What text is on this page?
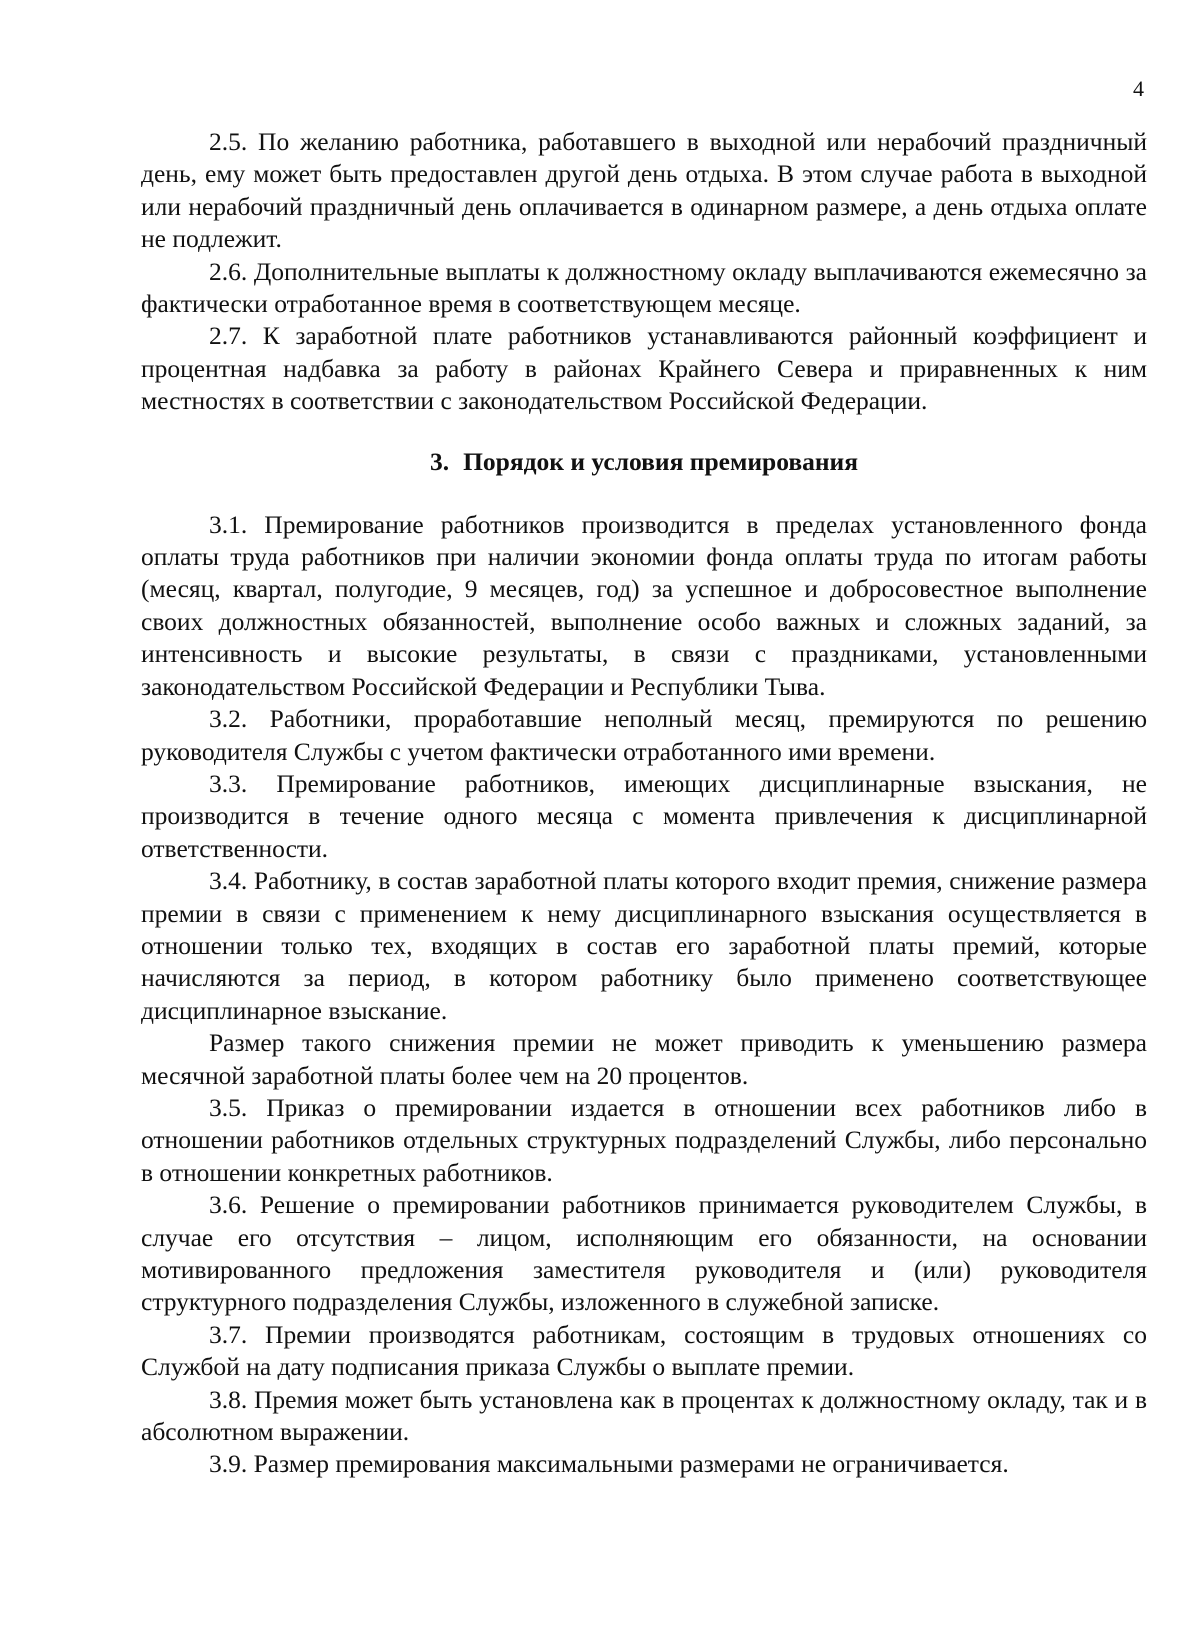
4

2.5. По желанию работника, работавшего в выходной или нерабочий праздничный день, ему может быть предоставлен другой день отдыха. В этом случае работа в выходной или нерабочий праздничный день оплачивается в одинарном размере, а день отдыха оплате не подлежит.

2.6. Дополнительные выплаты к должностному окладу выплачиваются ежемесячно за фактически отработанное время в соответствующем месяце.

2.7. К заработной плате работников устанавливаются районный коэффициент и процентная надбавка за работу в районах Крайнего Севера и приравненных к ним местностях в соответствии с законодательством Российской Федерации.

3. Порядок и условия премирования

3.1. Премирование работников производится в пределах установленного фонда оплаты труда работников при наличии экономии фонда оплаты труда по итогам работы (месяц, квартал, полугодие, 9 месяцев, год) за успешное и добросовестное выполнение своих должностных обязанностей, выполнение особо важных и сложных заданий, за интенсивность и высокие результаты, в связи с праздниками, установленными законодательством Российской Федерации и Республики Тыва.

3.2. Работники, проработавшие неполный месяц, премируются по решению руководителя Службы с учетом фактически отработанного ими времени.

3.3. Премирование работников, имеющих дисциплинарные взыскания, не производится в течение одного месяца с момента привлечения к дисциплинарной ответственности.

3.4. Работнику, в состав заработной платы которого входит премия, снижение размера премии в связи с применением к нему дисциплинарного взыскания осуществляется в отношении только тех, входящих в состав его заработной платы премий, которые начисляются за период, в котором работнику было применено соответствующее дисциплинарное взыскание.

Размер такого снижения премии не может приводить к уменьшению размера месячной заработной платы более чем на 20 процентов.

3.5. Приказ о премировании издается в отношении всех работников либо в отношении работников отдельных структурных подразделений Службы, либо персонально в отношении конкретных работников.

3.6. Решение о премировании работников принимается руководителем Службы, в случае его отсутствия – лицом, исполняющим его обязанности, на основании мотивированного предложения заместителя руководителя и (или) руководителя структурного подразделения Службы, изложенного в служебной записке.

3.7. Премии производятся работникам, состоящим в трудовых отношениях со Службой на дату подписания приказа Службы о выплате премии.

3.8. Премия может быть установлена как в процентах к должностному окладу, так и в абсолютном выражении.

3.9. Размер премирования максимальными размерами не ограничивается.
